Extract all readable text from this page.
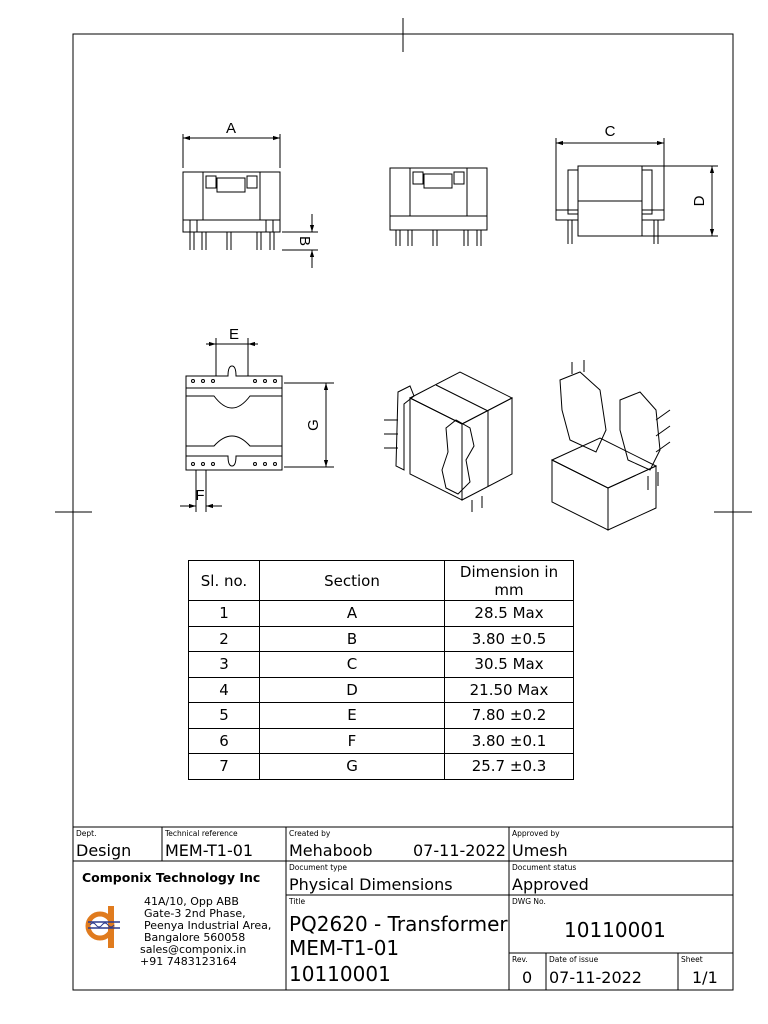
A
B
C
D
E
F
G
Sl. no.	Section	Dimension in mm
1	A	28.5 Max
2	B	3.80 ±0.5
3	C	30.5 Max
4	D	21.50 Max
5	E	7.80 ±0.2
6	F	3.80 ±0.1
7	G	25.7 ±0.3
Dept.
Design
Technical reference
MEM-T1-01
Created by
Mehaboob	07-11-2022
Approved by
Umesh
Componix Technology Inc
41A/10, Opp ABB
Gate-3 2nd Phase,
Peenya Industrial Area,
Bangalore 560058
sales@componix.in
+91 7483123164
Document type
Physical Dimensions
Document status
Approved
Title
PQ2620 - Transformer
MEM-T1-01
10110001
DWG No.
10110001
Rev.
0
Date of issue
07-11-2022
Sheet
1/1
